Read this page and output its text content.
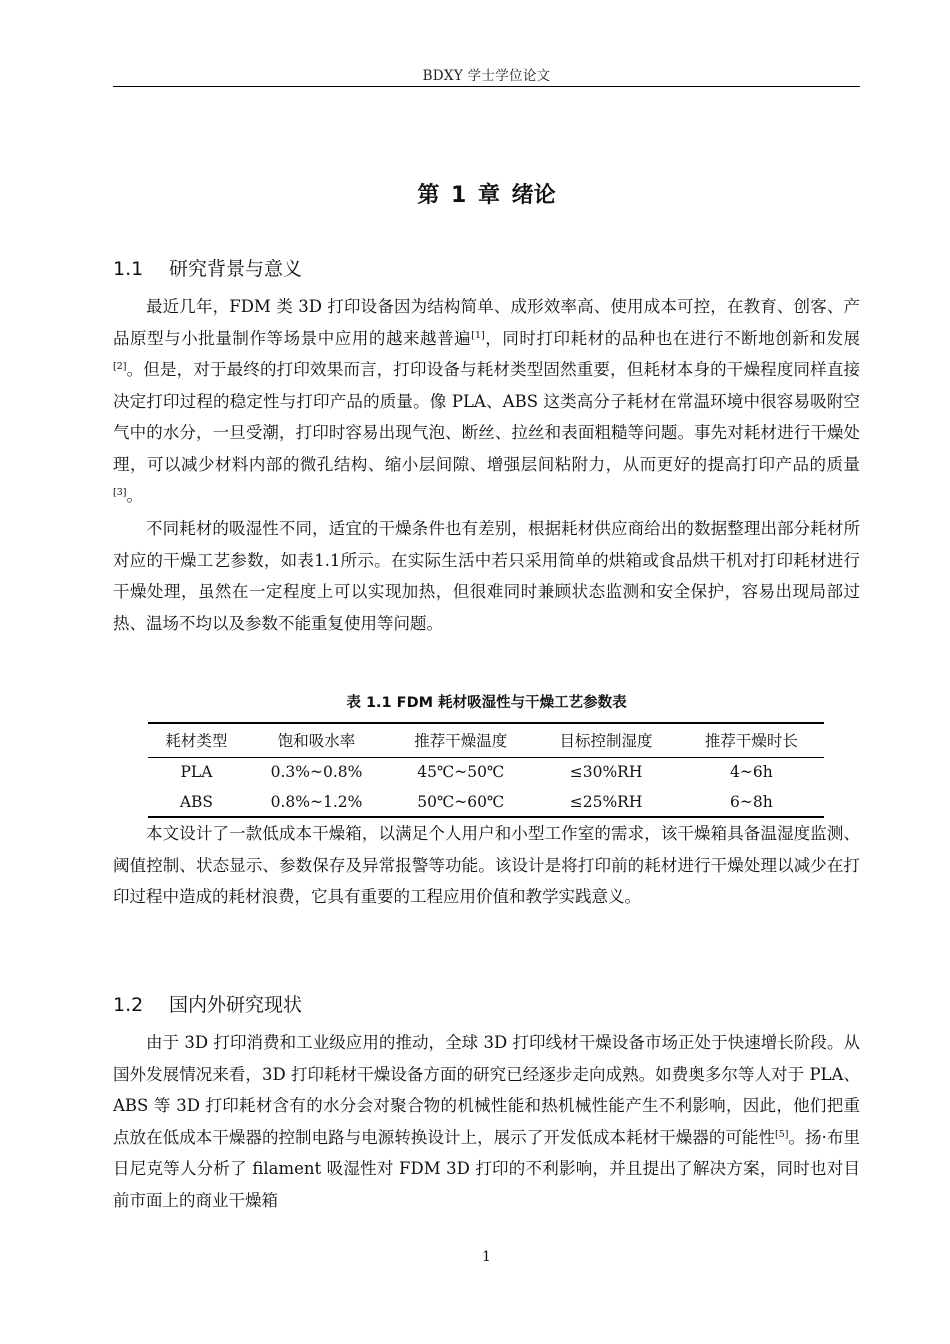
BDXY 学士学位论文
第 1 章 绪论
1.1 研究背景与意义

最近几年，FDM 类 3D 打印设备因为结构简单、成形效率高、使用成本可控，在教育、创客、产品原型与小批量制作等场景中应用的越来越普遍[1]，同时打印耗材的品种也在进行不断地创新和发展[2]。但是，对于最终的打印效果而言，打印设备与耗材类型固然重要，但耗材本身的干燥程度同样直接决定打印过程的稳定性与打印产品的质量。像 PLA、ABS 这类高分子耗材在常温环境中很容易吸附空气中的水分，一旦受潮，打印时容易出现气泡、断丝、拉丝和表面粗糙等问题。事先对耗材进行干燥处理，可以减少材料内部的微孔结构、缩小层间隙、增强层间粘附力，从而更好的提高打印产品的质量[3]。

不同耗材的吸湿性不同，适宜的干燥条件也有差别，根据耗材供应商给出的数据整理出部分耗材所对应的干燥工艺参数，如表1.1所示。在实际生活中若只采用简单的烘箱或食品烘干机对打印耗材进行干燥处理，虽然在一定程度上可以实现加热，但很难同时兼顾状态监测和安全保护，容易出现局部过热、温场不均以及参数不能重复使用等问题。

表 1.1 FDM 耗材吸湿性与干燥工艺参数表
耗材类型	饱和吸水率	推荐干燥温度	目标控制湿度	推荐干燥时长
PLA	0.3%~0.8%	45℃~50℃	≤30%RH	4~6h
ABS	0.8%~1.2%	50℃~60℃	≤25%RH	6~8h

本文设计了一款低成本干燥箱，以满足个人用户和小型工作室的需求，该干燥箱具备温湿度监测、阈值控制、状态显示、参数保存及异常报警等功能。该设计是将打印前的耗材进行干燥处理以减少在打印过程中造成的耗材浪费，它具有重要的工程应用价值和教学实践意义。

1.2 国内外研究现状

由于 3D 打印消费和工业级应用的推动，全球 3D 打印线材干燥设备市场正处于快速增长阶段。从国外发展情况来看，3D 打印耗材干燥设备方面的研究已经逐步走向成熟。如费奥多尔等人对于 PLA、ABS 等 3D 打印耗材含有的水分会对聚合物的机械性能和热机械性能产生不利影响，因此，他们把重点放在低成本干燥器的控制电路与电源转换设计上，展示了开发低成本耗材干燥器的可能性[5]。扬·布里日尼克等人分析了 filament 吸湿性对 FDM 3D 打印的不利影响，并且提出了解决方案，同时也对目前市面上的商业干燥箱

1
